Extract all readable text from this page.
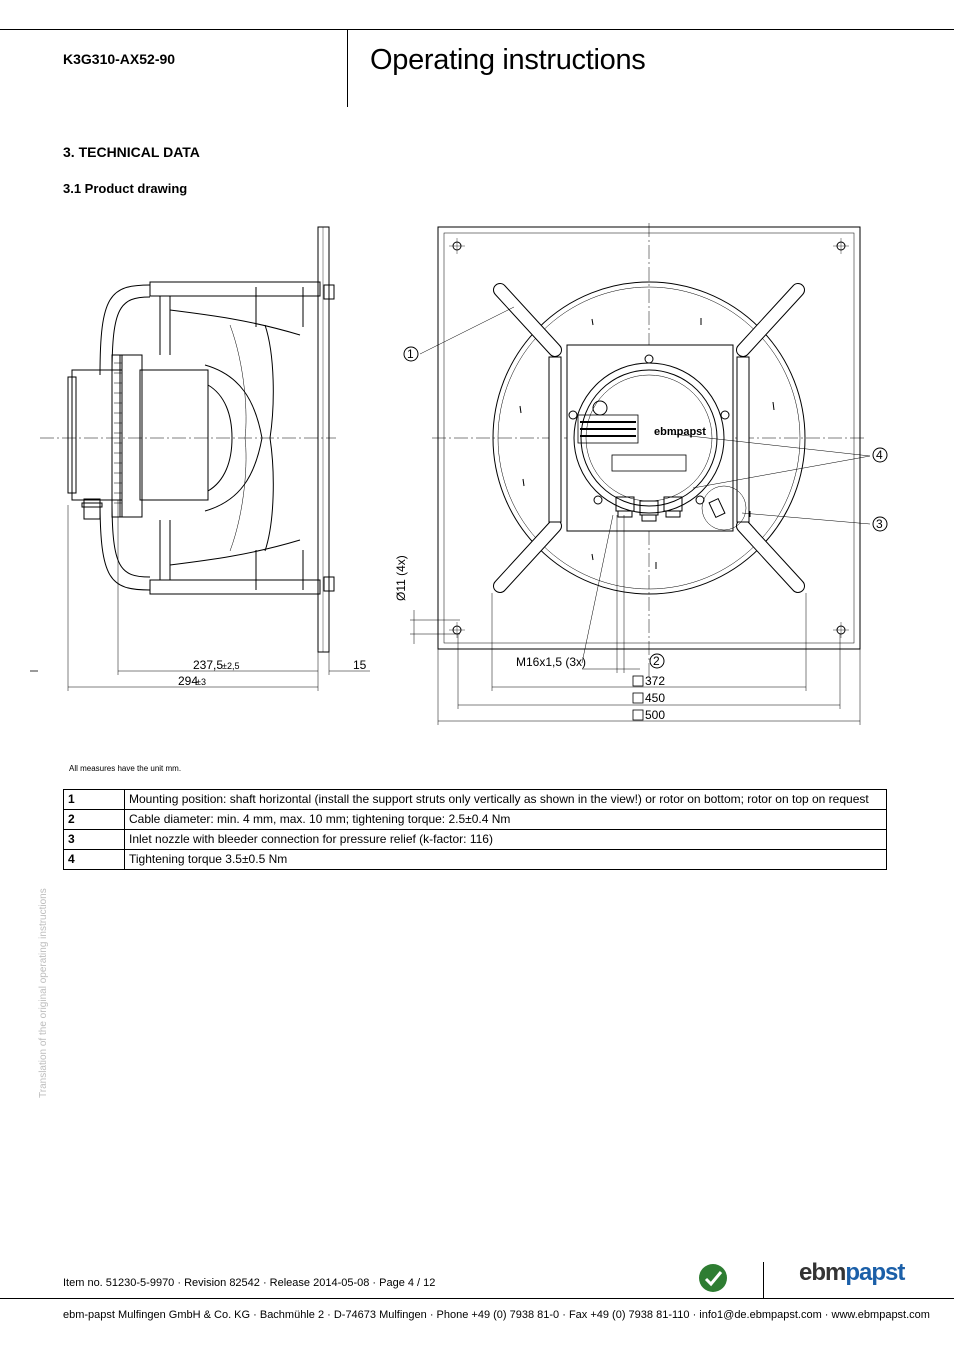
K3G310-AX52-90	Operating instructions
3. TECHNICAL DATA
3.1 Product drawing
237,5
±2,5
294
±3
15
Ø11 (4x)
M16x1,5 (3x)
372
450
500
1
2
3
4
ebmpapst
All measures have the unit mm.
1	Mounting position: shaft horizontal (install the support struts only vertically as shown in the view!) or rotor on bottom; rotor on top on request
2	Cable diameter: min. 4 mm, max. 10 mm; tightening torque: 2.5±0.4 Nm
3	Inlet nozzle with bleeder connection for pressure relief (k-factor: 116)
4	Tightening torque 3.5±0.5 Nm
Translation of the original operating instructions
Item no. 51230-5-9970 · Revision 82542 · Release 2014-05-08 · Page 4 / 12	ebmpapst
ebm-papst Mulfingen GmbH & Co. KG · Bachmühle 2 · D-74673 Mulfingen · Phone +49 (0) 7938 81-0 · Fax +49 (0) 7938 81-110 · info1@de.ebmpapst.com · www.ebmpapst.com
